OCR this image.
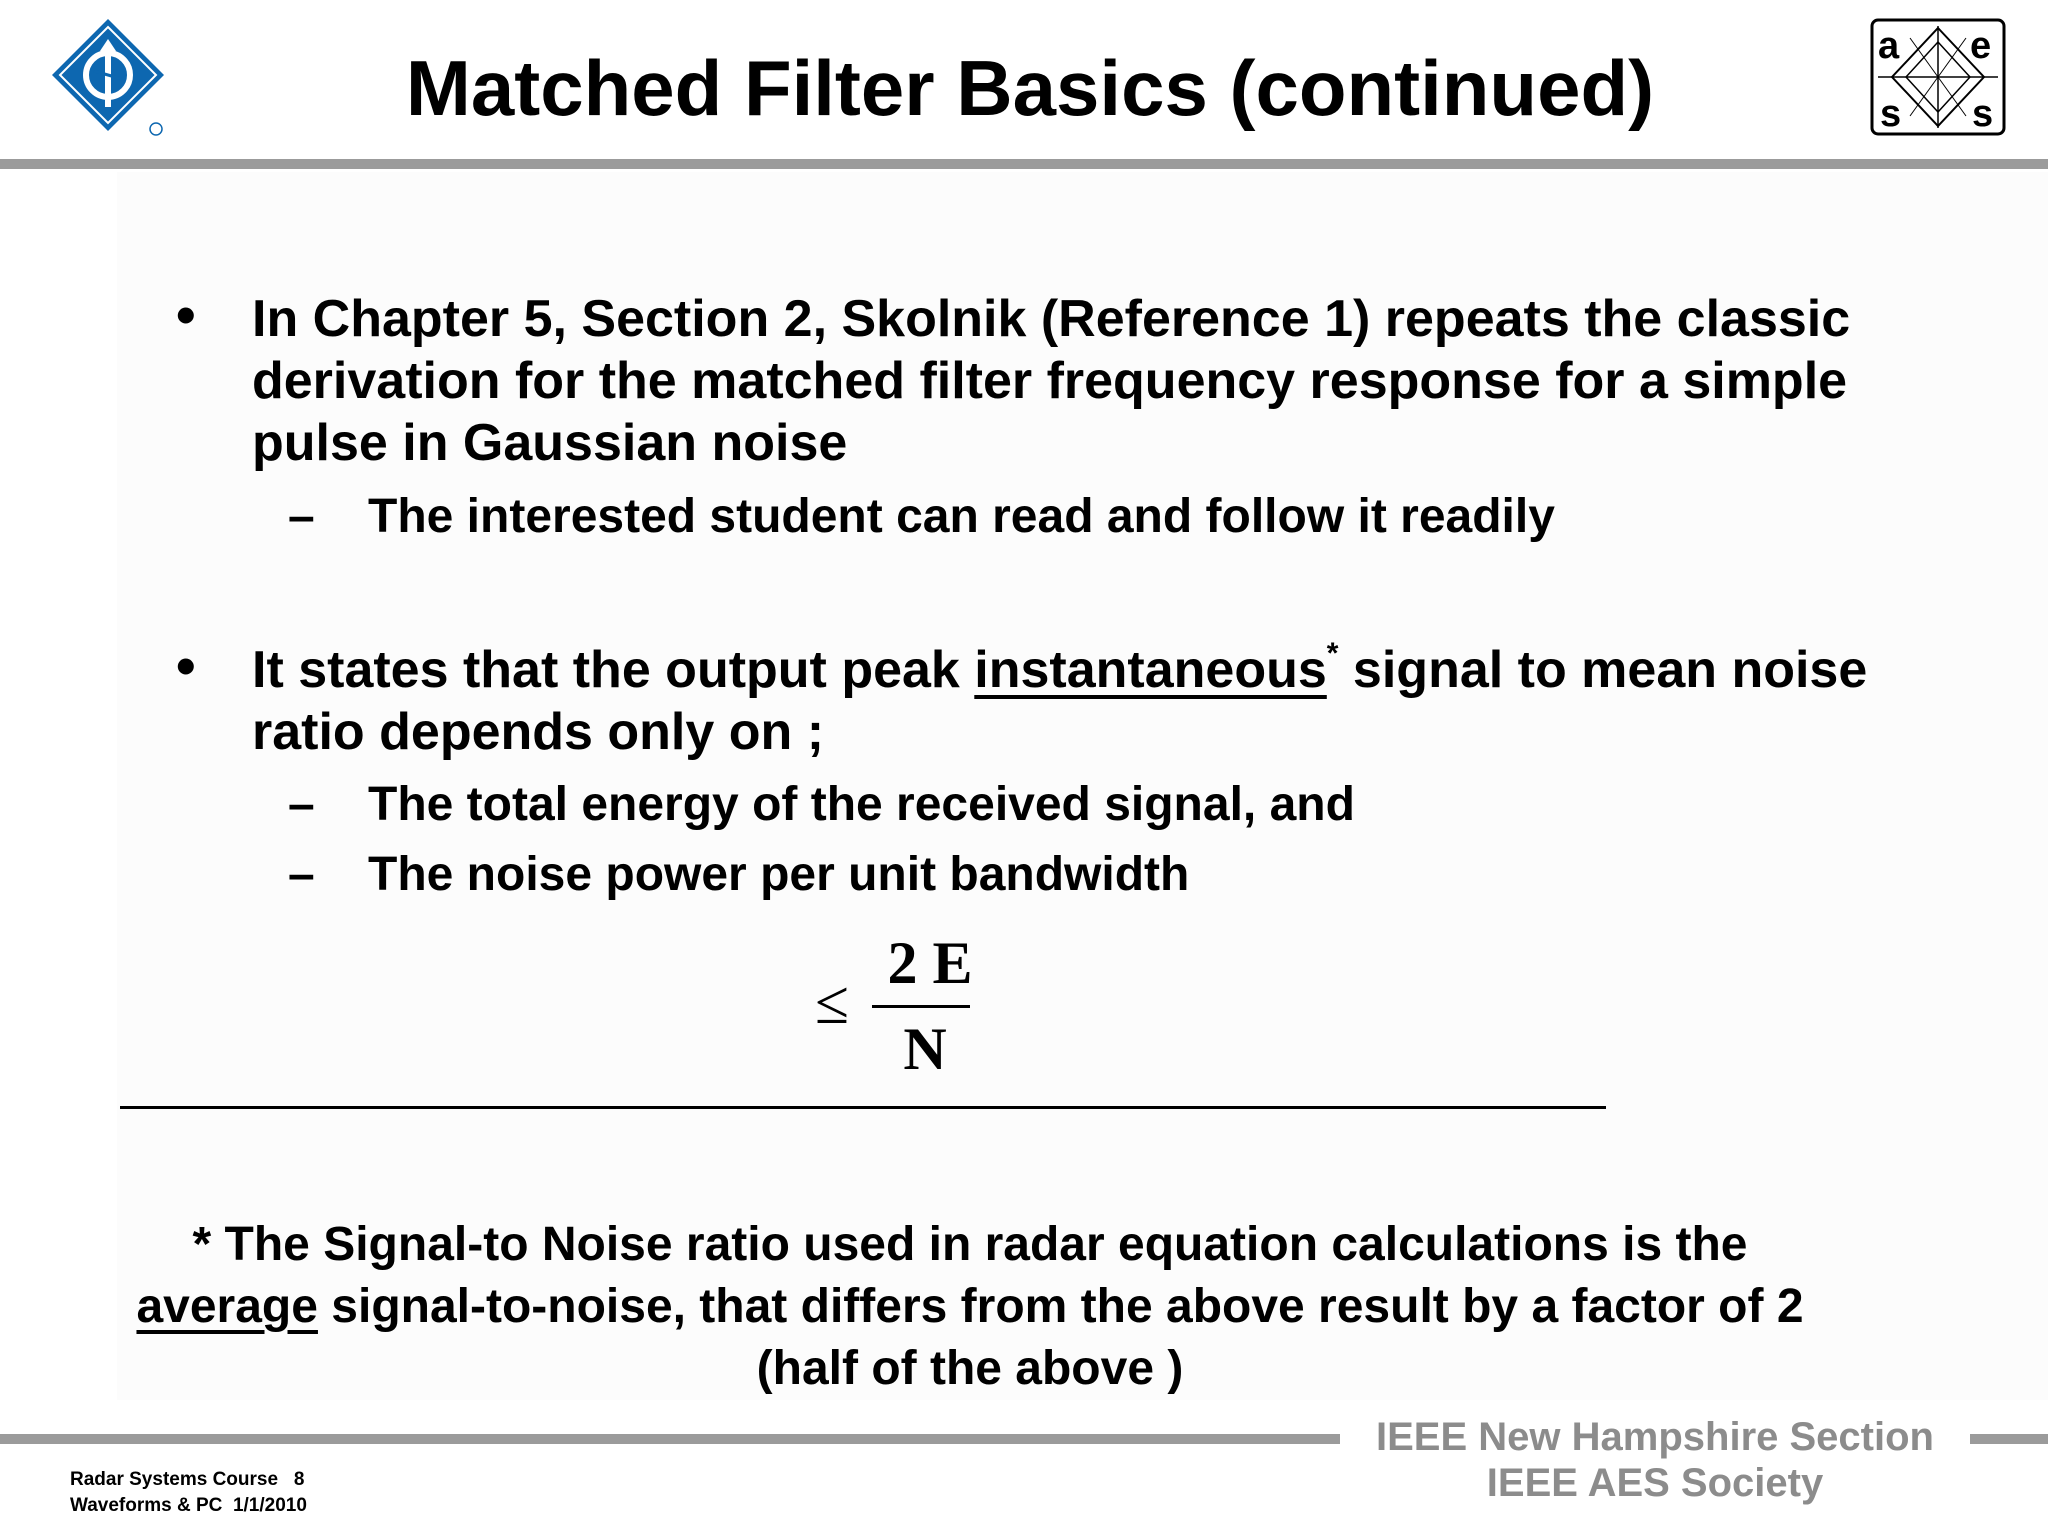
Matched Filter Basics (continued)	a e
s s
• In Chapter 5, Section 2, Skolnik (Reference 1) repeats the classic derivation for the matched filter frequency response for a simple pulse in Gaussian noise
– The interested student can read and follow it readily
• It states that the output peak instantaneous* signal to mean noise ratio depends only on ;
– The total energy of the received signal, and
– The noise power per unit bandwidth
≤
2 E
N
* The Signal-to Noise ratio used in radar equation calculations is the average signal-to-noise, that differs from the above result by a factor of 2 (half of the above )
Radar Systems Course   8
Waveforms & PC  1/1/2010
IEEE New Hampshire Section
IEEE AES Society
